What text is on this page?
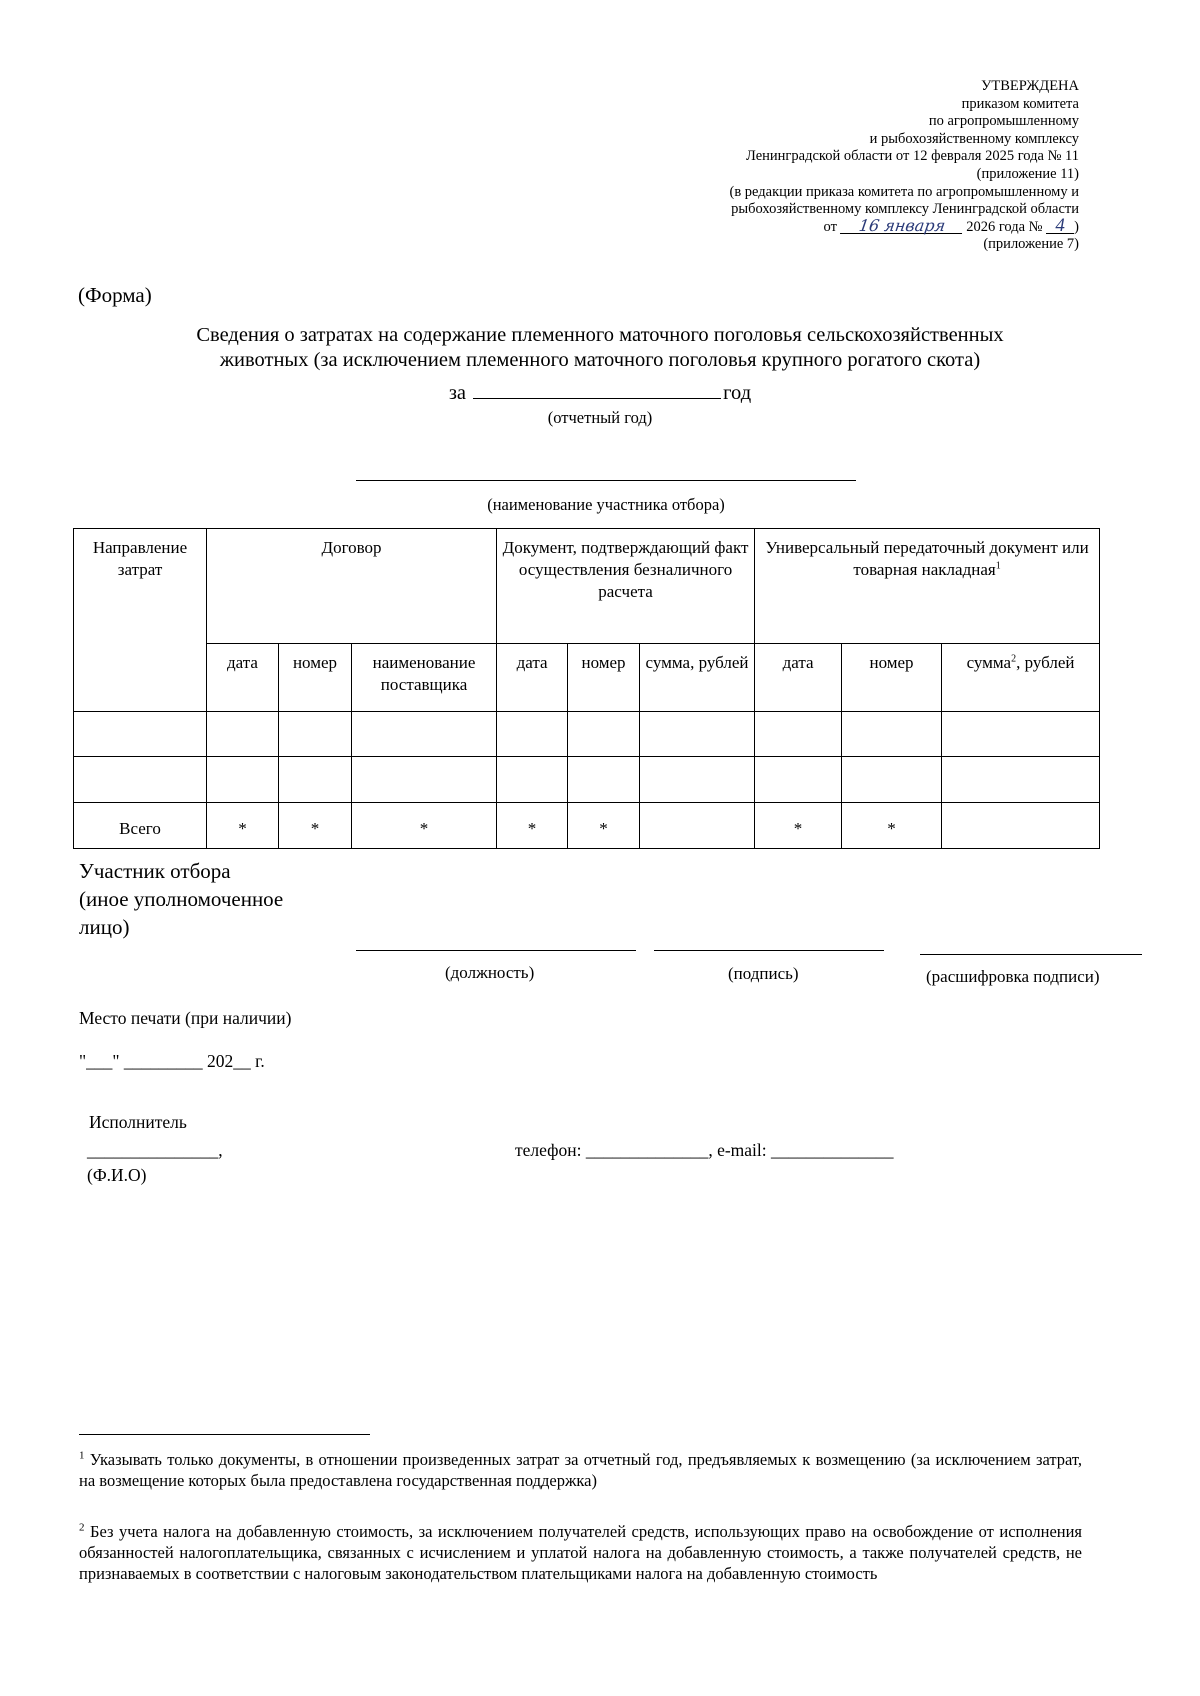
УТВЕРЖДЕНА
приказом комитета
по агропромышленному
и рыбохозяйственному комплексу
Ленинградской области от 12 февраля 2025 года № 11
(приложение 11)
(в редакции приказа комитета по агропромышленному и
рыбохозяйственному комплексу Ленинградской области
от 16 января 2026 года № 4 )
(приложение 7)
(Форма)
Сведения о затратах на содержание племенного маточного поголовья сельскохозяйственных
животных (за исключением племенного маточного поголовья крупного рогатого скота)
за	год
(отчетный год)
(наименование участника отбора)
Направление затрат	Договор			Документ, подтверждающий факт осуществления безналичного расчета			Универсальный передаточный документ или товарная накладная$^1$
	дата	номер	наименование поставщика	дата	номер	сумма, рублей	дата	номер	сумма$^2$, рублей

Всего	*	*	*	*	*		*	*	
Участник отбора
(иное уполномоченное
лицо)
(должность)	(подпись)	(расшифровка подписи)
Место печати (при наличии)
"___" _________ 202__ г.
Исполнитель
_______________,
(Ф.И.О)
телефон: ______________, e-mail: ______________
$^1$ Указывать только документы, в отношении произведенных затрат за отчетный год, предъявляемых к возмещению (за исключением затрат, на возмещение которых была предоставлена государственная поддержка)
$^2$ Без учета налога на добавленную стоимость, за исключением получателей средств, использующих право на освобождение от исполнения обязанностей налогоплательщика, связанных с исчислением и уплатой налога на добавленную стоимость, а также получателей средств, не признаваемых в соответствии с налоговым законодательством плательщиками налога на добавленную стоимость
